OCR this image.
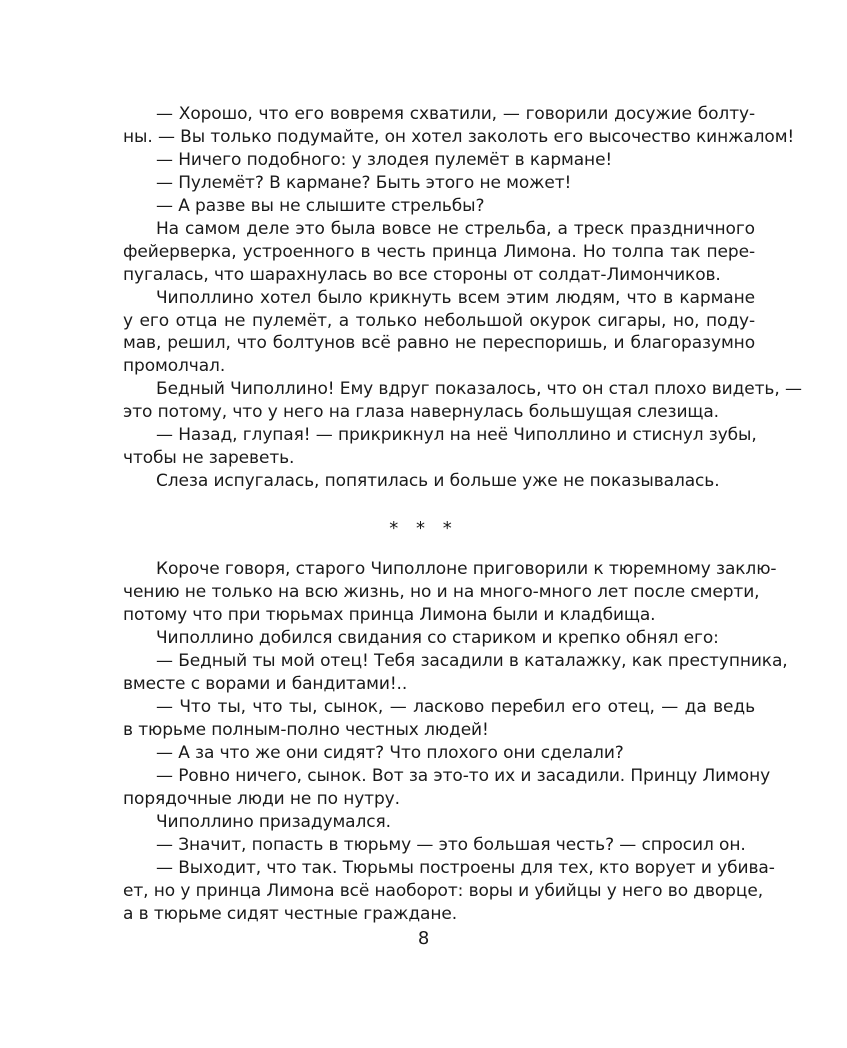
— Хорошо, что его вовремя схватили, — говорили досужие болту-
ны. — Вы только подумайте, он хотел заколоть его высочество кинжалом!
— Ничего подобного: у злодея пулемёт в кармане!
— Пулемёт? В кармане? Быть этого не может!
— А разве вы не слышите стрельбы?
На самом деле это была вовсе не стрельба, а треск праздничного
фейерверка, устроенного в честь принца Лимона. Но толпа так пере-
пугалась, что шарахнулась во все стороны от солдат-Лимончиков.
Чиполлино хотел было крикнуть всем этим людям, что в кармане
у его отца не пулемёт, а только небольшой окурок сигары, но, поду-
мав, решил, что болтунов всё равно не переспоришь, и благоразумно
промолчал.
Бедный Чиполлино! Ему вдруг показалось, что он стал плохо видеть, —
это потому, что у него на глаза навернулась большущая слезища.
— Назад, глупая! — прикрикнул на неё Чиполлино и стиснул зубы,
чтобы не зареветь.
Слеза испугалась, попятилась и больше уже не показывалась.
* * *
Короче говоря, старого Чиполлоне приговорили к тюремному заклю-
чению не только на всю жизнь, но и на много-много лет после смерти,
потому что при тюрьмах принца Лимона были и кладбища.
Чиполлино добился свидания со стариком и крепко обнял его:
— Бедный ты мой отец! Тебя засадили в каталажку, как преступника,
вместе с ворами и бандитами!..
— Что ты, что ты, сынок, — ласково перебил его отец, — да ведь
в тюрьме полным-полно честных людей!
— А за что же они сидят? Что плохого они сделали?
— Ровно ничего, сынок. Вот за это-то их и засадили. Принцу Лимону
порядочные люди не по нутру.
Чиполлино призадумался.
— Значит, попасть в тюрьму — это большая честь? — спросил он.
— Выходит, что так. Тюрьмы построены для тех, кто ворует и убива-
ет, но у принца Лимона всё наоборот: воры и убийцы у него во дворце,
а в тюрьме сидят честные граждане.
8
